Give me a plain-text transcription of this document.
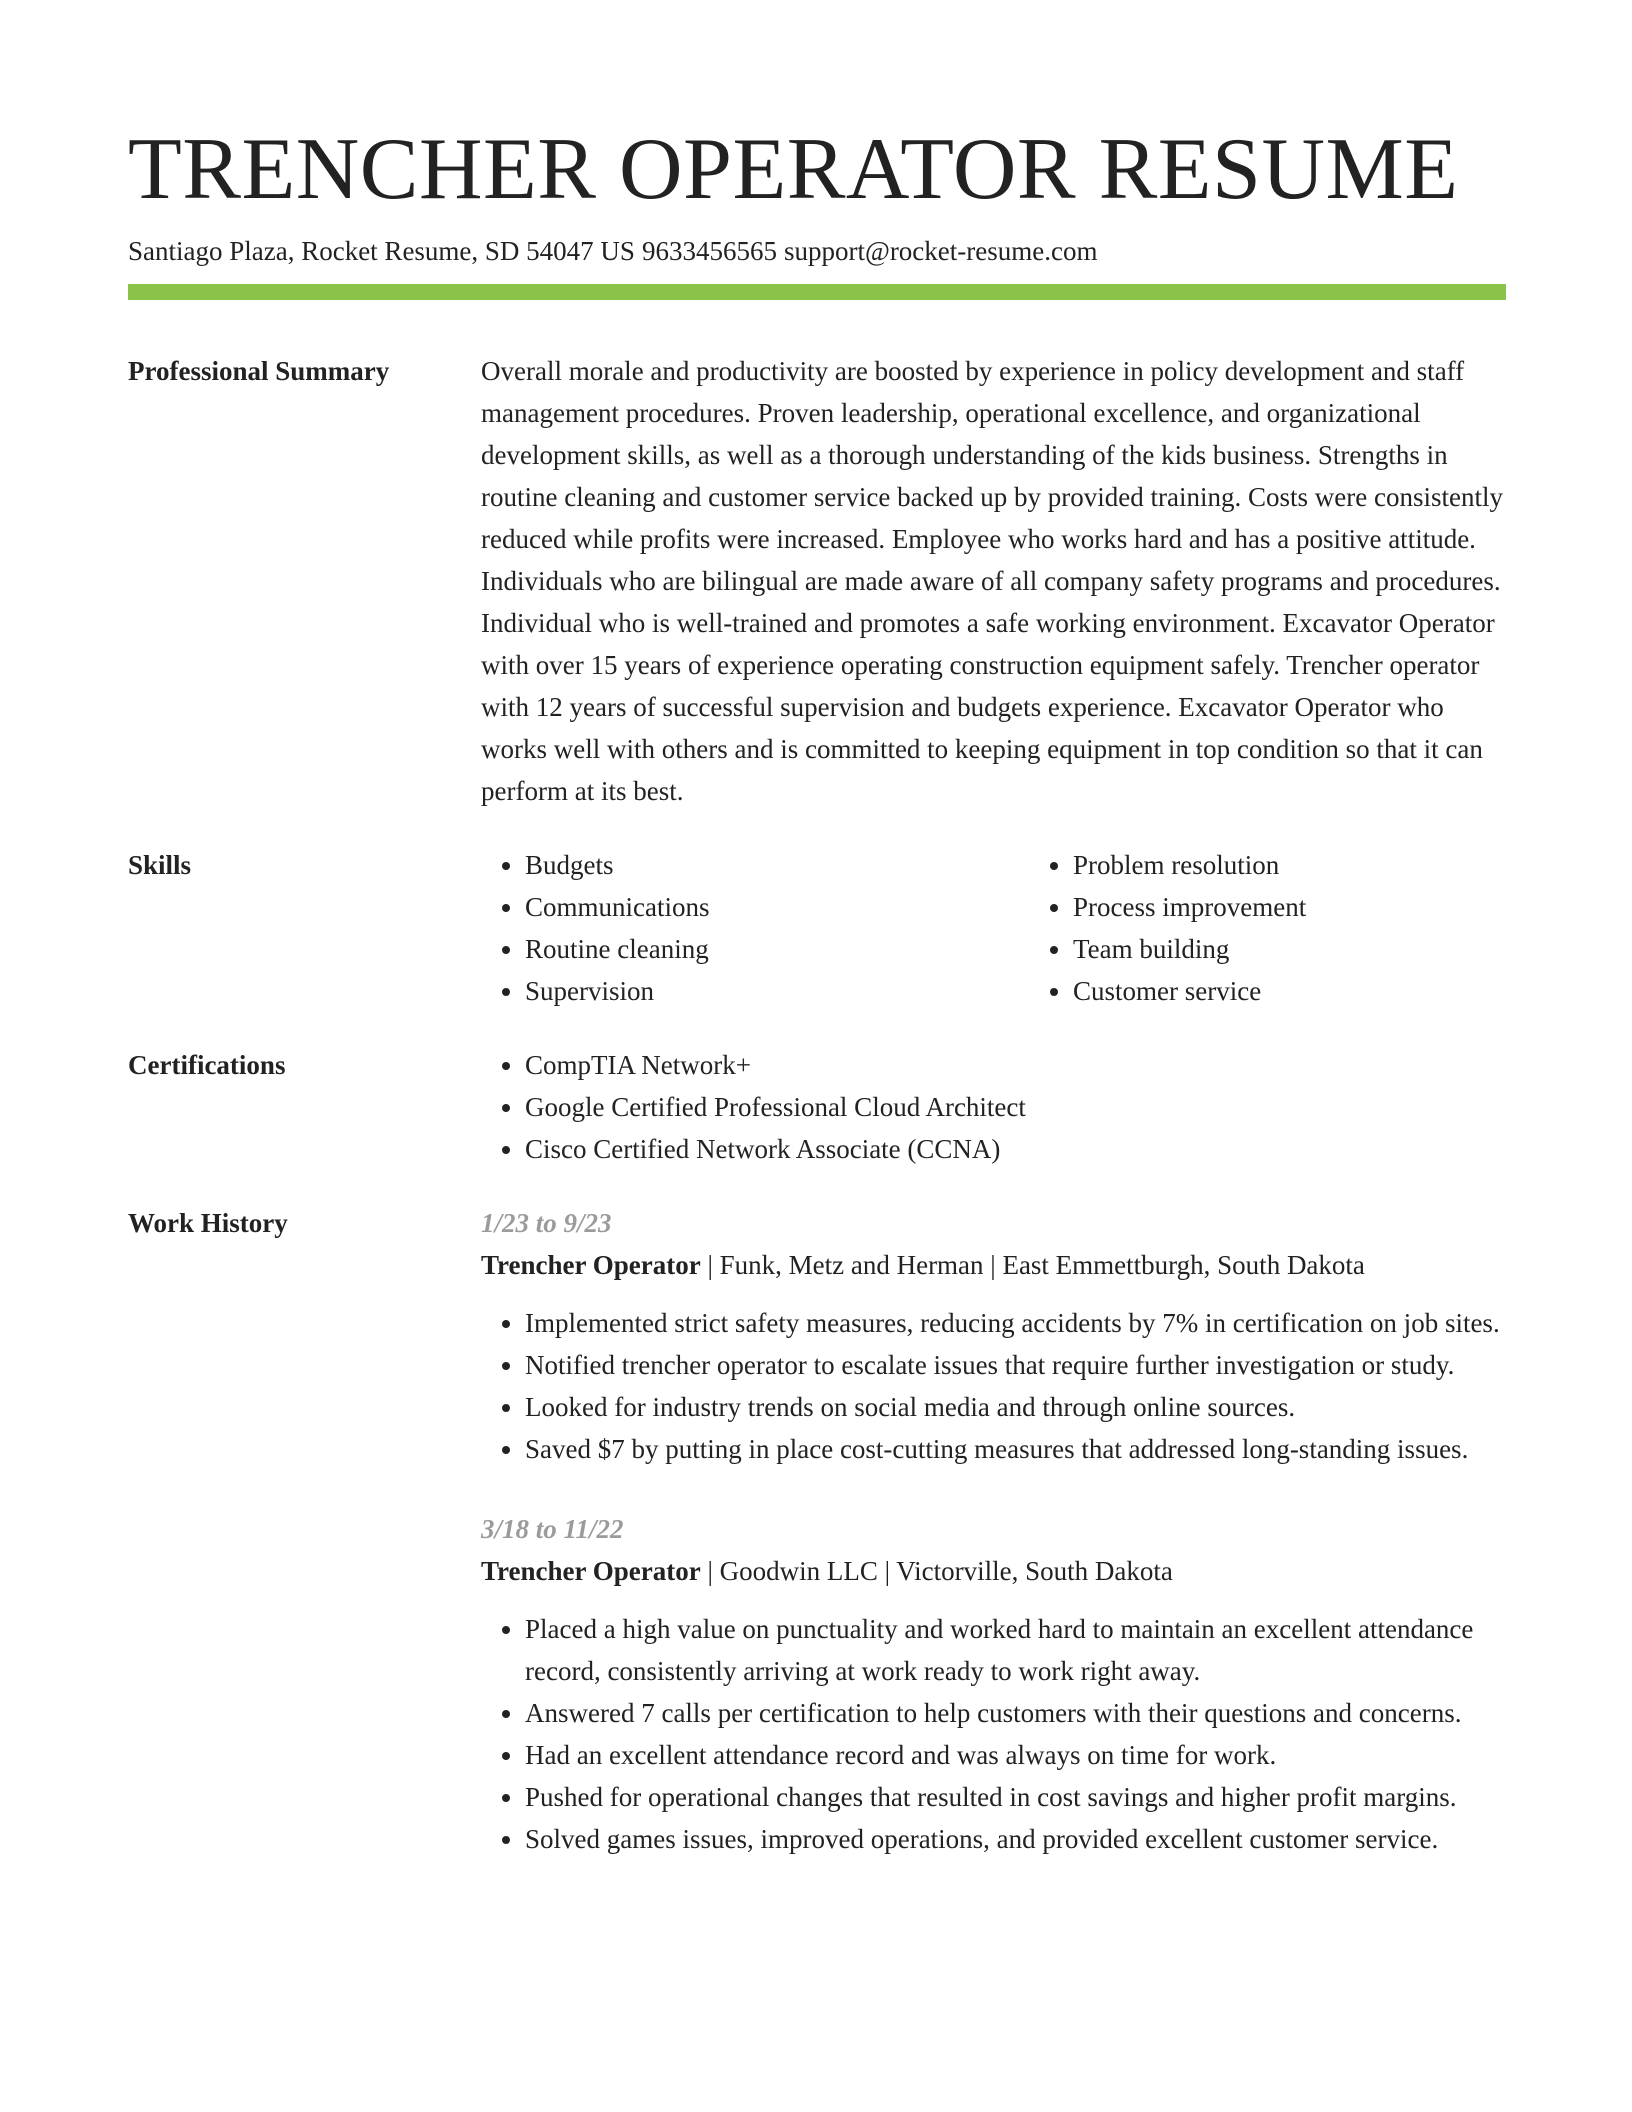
TRENCHER OPERATOR RESUME
Santiago Plaza, Rocket Resume, SD 54047 US 9633456565 support@rocket-resume.com
Professional Summary	Overall morale and productivity are boosted by experience in policy development and staff management procedures. Proven leadership, operational excellence, and organizational development skills, as well as a thorough understanding of the kids business. Strengths in routine cleaning and customer service backed up by provided training. Costs were consistently reduced while profits were increased. Employee who works hard and has a positive attitude. Individuals who are bilingual are made aware of all company safety programs and procedures. Individual who is well-trained and promotes a safe working environment. Excavator Operator with over 15 years of experience operating construction equipment safely. Trencher operator with 12 years of successful supervision and budgets experience. Excavator Operator who works well with others and is committed to keeping equipment in top condition so that it can perform at its best.
Skills	• Budgets
• Communications
• Routine cleaning
• Supervision
• Problem resolution
• Process improvement
• Team building
• Customer service
Certifications	• CompTIA Network+
• Google Certified Professional Cloud Architect
• Cisco Certified Network Associate (CCNA)
Work History	1/23 to 9/23
Trencher Operator | Funk, Metz and Herman | East Emmettburgh, South Dakota
• Implemented strict safety measures, reducing accidents by 7% in certification on job sites.
• Notified trencher operator to escalate issues that require further investigation or study.
• Looked for industry trends on social media and through online sources.
• Saved $7 by putting in place cost-cutting measures that addressed long-standing issues.
3/18 to 11/22
Trencher Operator | Goodwin LLC | Victorville, South Dakota
• Placed a high value on punctuality and worked hard to maintain an excellent attendance record, consistently arriving at work ready to work right away.
• Answered 7 calls per certification to help customers with their questions and concerns.
• Had an excellent attendance record and was always on time for work.
• Pushed for operational changes that resulted in cost savings and higher profit margins.
• Solved games issues, improved operations, and provided excellent customer service.
